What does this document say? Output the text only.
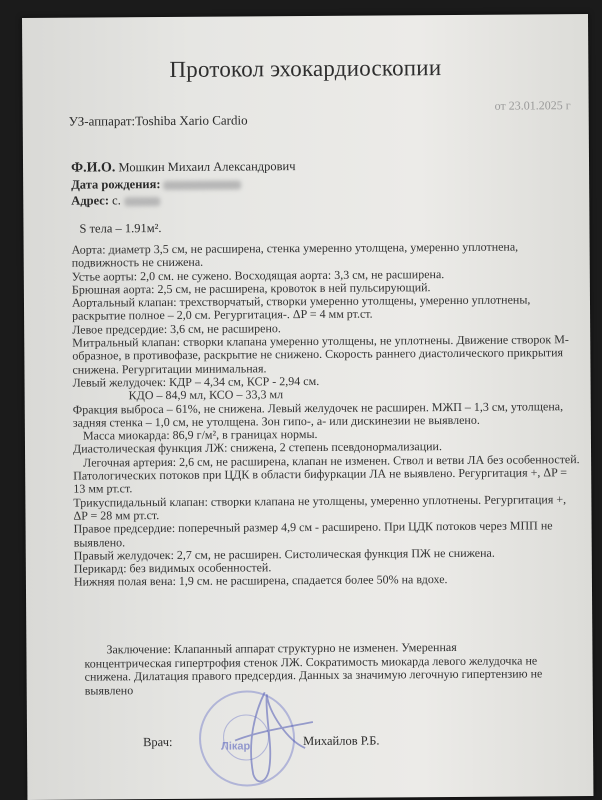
Протокол эхокардиоскопии
УЗ-аппарат:Toshiba Xario Cardio
от 23.01.2025 г
Ф.И.О. Мошкин Михаил Александрович
Дата рождения:
Адрес: с.
S тела – 1.91м².
Аорта: диаметр 3,5 см, не расширена, стенка умеренно утолщена, умеренно уплотнена,
подвижность не снижена.
Устье аорты: 2,0 см. не сужено. Восходящая аорта: 3,3 см, не расширена.
Брюшная аорта: 2,5 см, не расширена, кровоток в ней пульсирующий.
Аортальный клапан: трехстворчатый, створки умеренно утолщены, умеренно уплотнены,
раскрытие полное – 2,0 см. Регургитация-. ΔP = 4 мм рт.ст.
Левое предсердие: 3,6 см, не расширено.
Митральный клапан: створки клапана умеренно утолщены, не уплотнены. Движение створок М-
образное, в противофазе, раскрытие не снижено. Скорость раннего диастолического прикрытия
снижена. Регургитации минимальная.
Левый желудочек: КДР – 4,34 см, КСР - 2,94 см.
КДО – 84,9 мл, КСО – 33,3 мл
Фракция выброса – 61%, не снижена. Левый желудочек не расширен. МЖП – 1,3 см, утолщена,
задняя стенка – 1,0 см, не утолщена. Зон гипо-, а- или дискинезии не выявлено.
Масса миокарда: 86,9 г/м², в границах нормы.
Диастолическая функция ЛЖ: снижена, 2 степень псевдонормализации.
Легочная артерия: 2,6 см, не расширена, клапан не изменен. Ствол и ветви ЛА без особенностей.
Патологических потоков при ЦДК в области бифуркации ЛА не выявлено. Регургитация +, ΔP =
13 мм рт.ст.
Трикуспидальный клапан: створки клапана не утолщены, умеренно уплотнены. Регургитация +,
ΔP = 28 мм рт.ст.
Правое предсердие: поперечный размер 4,9 см - расширено. При ЦДК потоков через МПП не
выявлено.
Правый желудочек: 2,7 см, не расширен. Систолическая функция ПЖ не снижена.
Перикард: без видимых особенностей.
Нижняя полая вена: 1,9 см. не расширена, спадается более 50% на вдохе.
Заключение: Клапанный аппарат структурно не изменен. Умеренная
концентрическая гипертрофия стенок ЛЖ. Сократимость миокарда левого желудочка не
снижена. Дилатация правого предсердия. Данных за значимую легочную гипертензию не
выявлено
Лікар
Врач:	Михайлов Р.Б.
